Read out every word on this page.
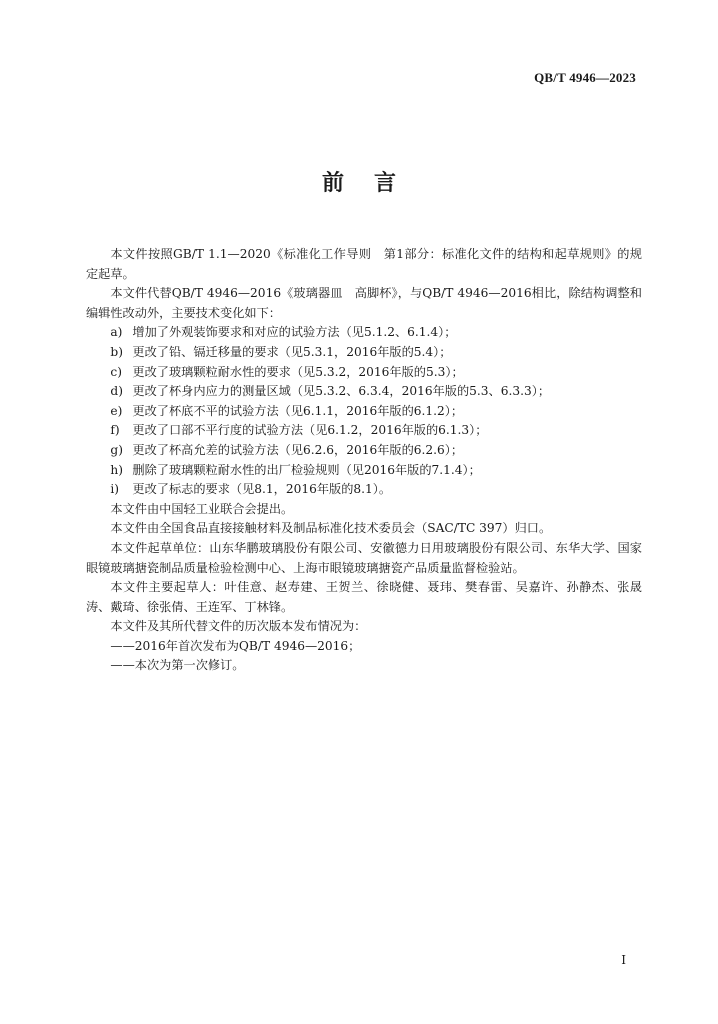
QB/T 4946—2023
前言

本文件按照GB/T 1.1—2020《标准化工作导则　第1部分：标准化文件的结构和起草规则》的规定起草。

本文件代替QB/T 4946—2016《玻璃器皿　高脚杯》，与QB/T 4946—2016相比，除结构调整和编辑性改动外，主要技术变化如下：

a) 增加了外观装饰要求和对应的试验方法（见5.1.2、6.1.4）；
b) 更改了铅、镉迁移量的要求（见5.3.1，2016年版的5.4）；
c) 更改了玻璃颗粒耐水性的要求（见5.3.2，2016年版的5.3）；
d) 更改了杯身内应力的测量区域（见5.3.2、6.3.4，2016年版的5.3、6.3.3）；
e) 更改了杯底不平的试验方法（见6.1.1，2016年版的6.1.2）；
f)	更改了口部不平行度的试验方法（见6.1.2，2016年版的6.1.3）；
g) 更改了杯高允差的试验方法（见6.2.6，2016年版的6.2.6）；
h) 删除了玻璃颗粒耐水性的出厂检验规则（见2016年版的7.1.4）；
i)	更改了标志的要求（见8.1，2016年版的8.1）。

本文件由中国轻工业联合会提出。

本文件由全国食品直接接触材料及制品标准化技术委员会（SAC/TC 397）归口。

本文件起草单位：山东华鹏玻璃股份有限公司、安徽德力日用玻璃股份有限公司、东华大学、国家眼镜玻璃搪瓷制品质量检验检测中心、上海市眼镜玻璃搪瓷产品质量监督检验站。

本文件主要起草人：叶佳意、赵寿建、王贺兰、徐晓健、聂玮、樊春雷、吴嘉许、孙静杰、张晟涛、戴琦、徐张倩、王连军、丁林锋。

本文件及其所代替文件的历次版本发布情况为：

——2016年首次发布为QB/T 4946—2016；

——本次为第一次修订。

I
